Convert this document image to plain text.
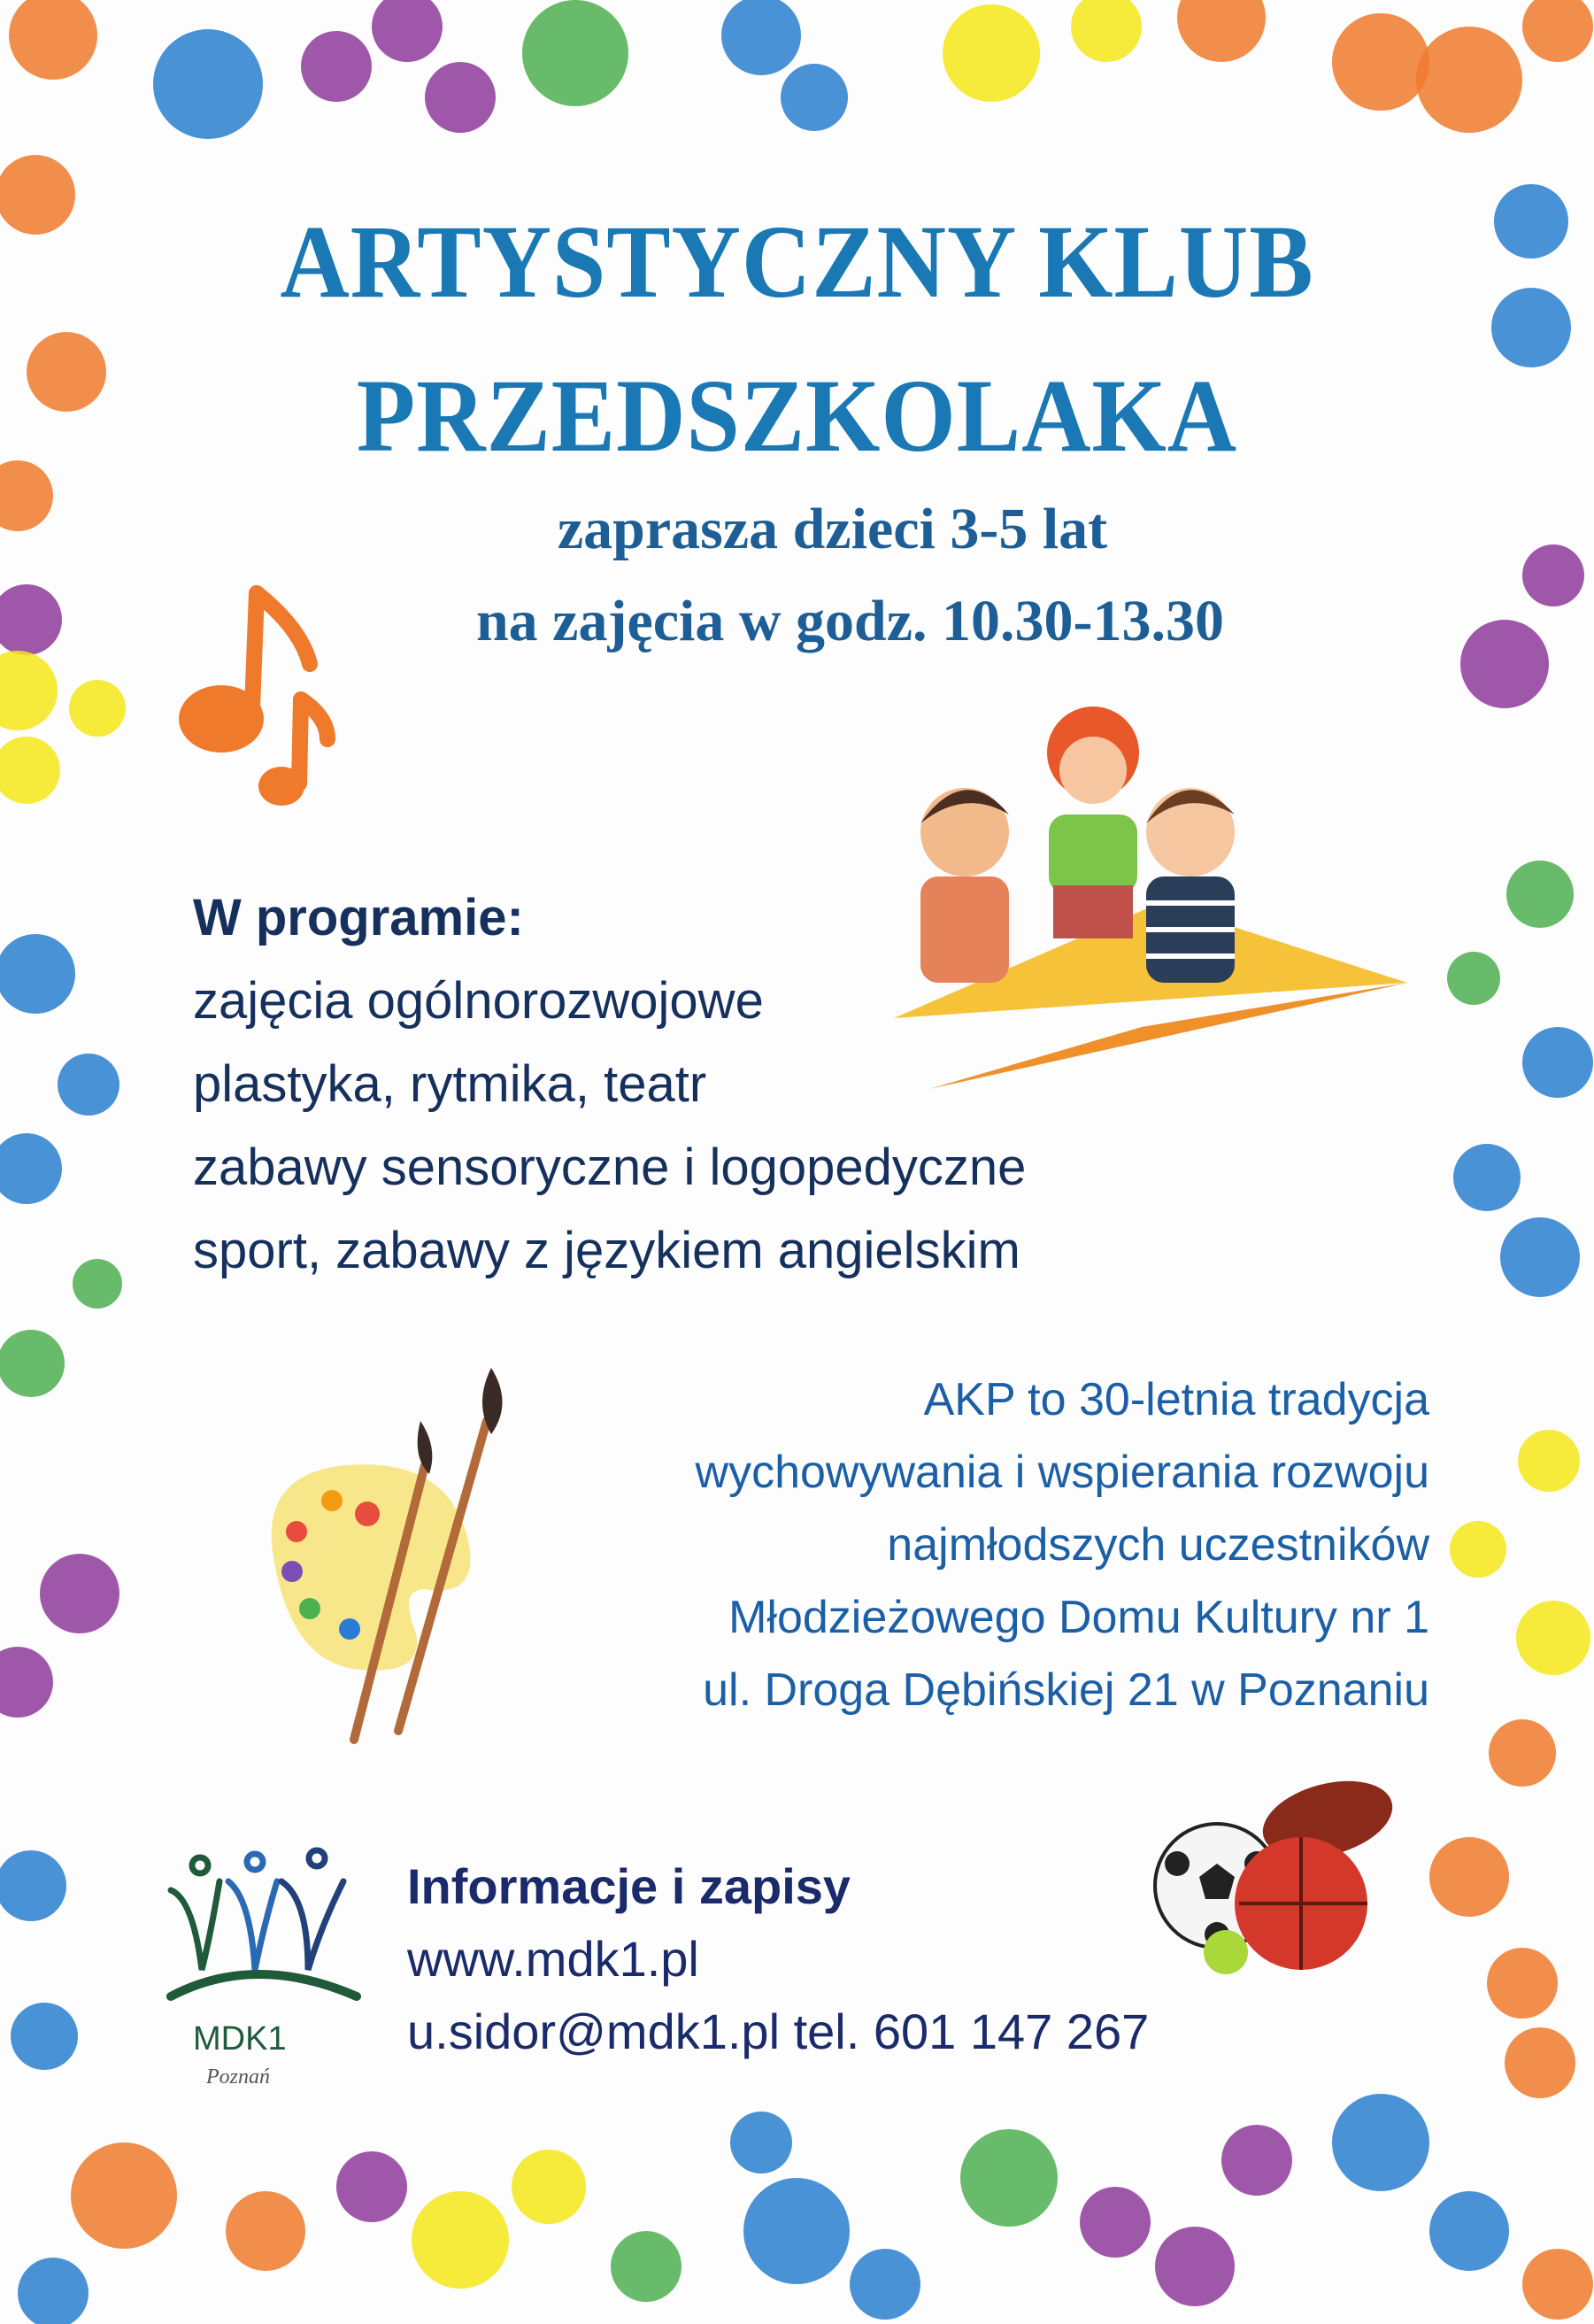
ARTYSTYCZNY KLUB
PRZEDSZKOLAKA
zaprasza dzieci 3-5 lat
na zajęcia w godz. 10.30-13.30
W programie:
zajęcia ogólnorozwojowe
plastyka, rytmika, teatr
zabawy sensoryczne i logopedyczne
sport, zabawy z językiem angielskim
AKP to 30-letnia tradycja
wychowywania i wspierania rozwoju
najmłodszych uczestników
Młodzieżowego Domu Kultury nr 1
ul. Droga Dębińskiej 21 w Poznaniu
MDK1
Poznań
Informacje i zapisy
www.mdk1.pl
u.sidor@mdk1.pl tel. 601 147 267
